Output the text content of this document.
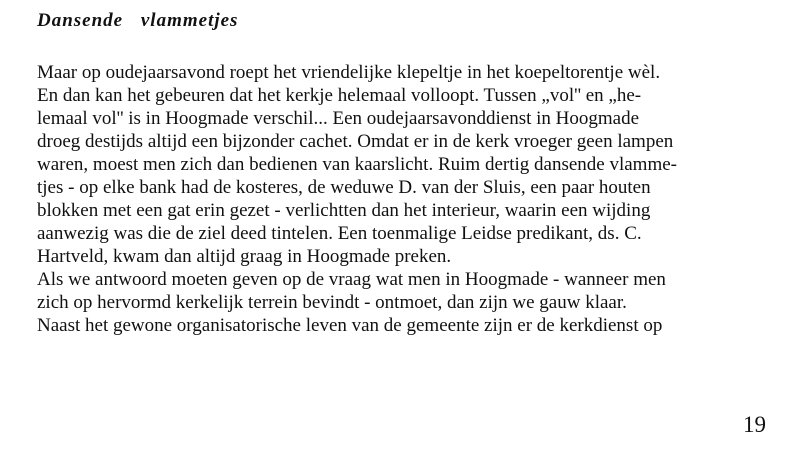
Dansende vlammetjes
Maar op oudejaarsavond roept het vriendelijke klepeltje in het koepeltorentje wèl.
En dan kan het gebeuren dat het kerkje helemaal volloopt. Tussen „vol'' en „he-
lemaal vol'' is in Hoogmade verschil... Een oudejaarsavonddienst in Hoogmade
droeg destijds altijd een bijzonder cachet. Omdat er in de kerk vroeger geen lampen
waren, moest men zich dan bedienen van kaarslicht. Ruim dertig dansende vlamme-
tjes - op elke bank had de kosteres, de weduwe D. van der Sluis, een paar houten
blokken met een gat erin gezet - verlichtten dan het interieur, waarin een wijding
aanwezig was die de ziel deed tintelen. Een toenmalige Leidse predikant, ds. C.
Hartveld, kwam dan altijd graag in Hoogmade preken.
Als we antwoord moeten geven op de vraag wat men in Hoogmade - wanneer men
zich op hervormd kerkelijk terrein bevindt - ontmoet, dan zijn we gauw klaar.
Naast het gewone organisatorische leven van de gemeente zijn er de kerkdienst op
19
